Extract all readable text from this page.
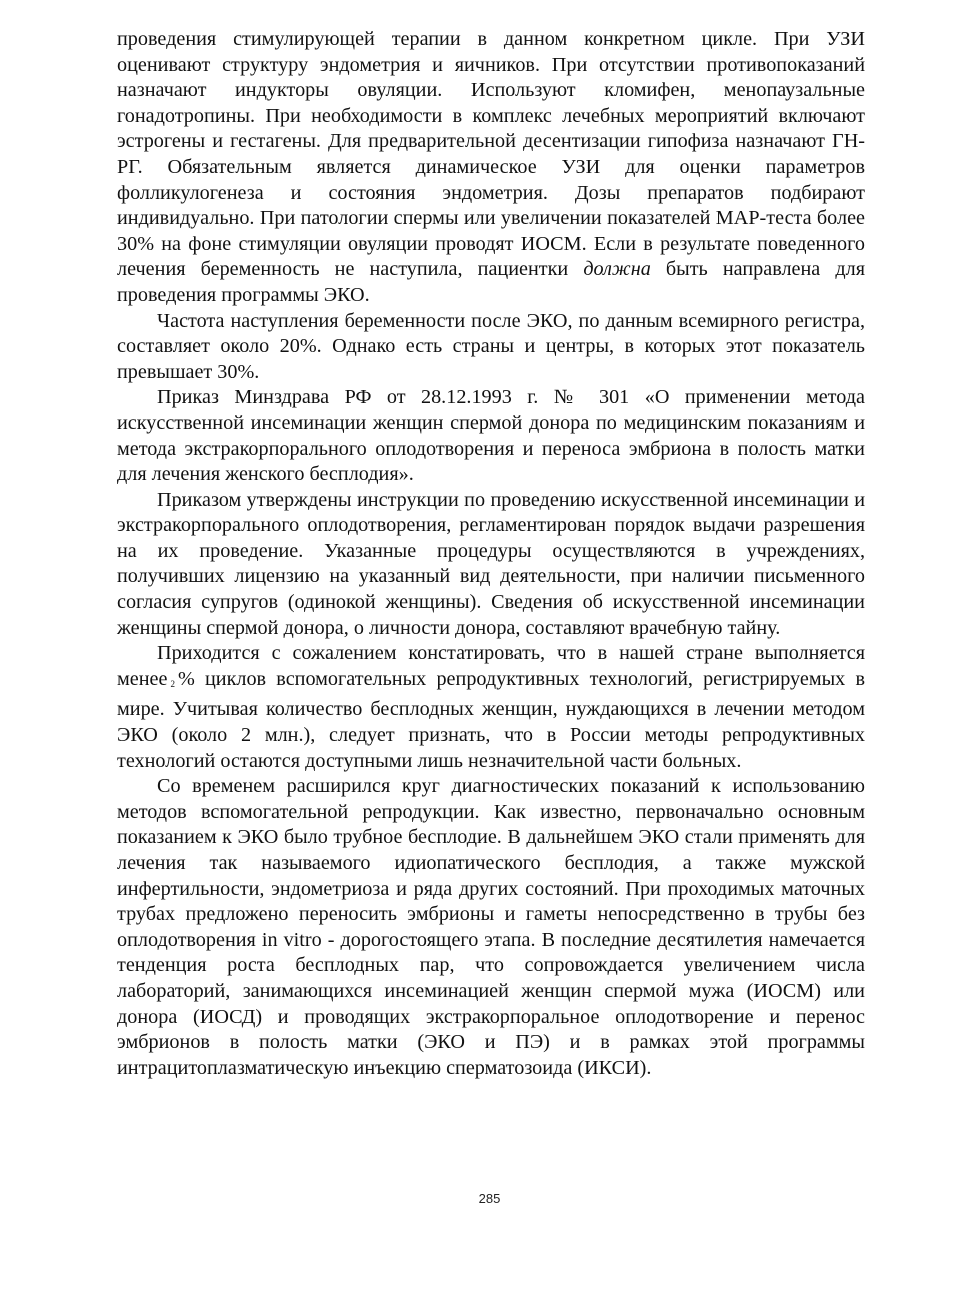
проведения стимулирующей терапии в данном конкретном цикле. При УЗИ оценивают структуру эндометрия и яичников. При отсутствии противопоказаний назначают индукторы овуляции. Используют кломифен, менопаузальные гонадотропины. При необходимости в комплекс лечебных мероприятий включают эстрогены и гестагены. Для предварительной десентизации гипофиза назначают ГН-РГ. Обязательным является динамическое УЗИ для оценки параметров фолликулогенеза и состояния эндометрия. Дозы препаратов подбирают индивидуально. При патологии спермы или увеличении показателей МАР-теста более 30% на фоне стимуляции овуляции проводят ИОСМ. Если в результате поведенного лечения беременность не наступила, пациентки должна быть направлена для проведения программы ЭКО.

Частота наступления беременности после ЭКО, по данным всемирного регистра, составляет около 20%. Однако есть страны и центры, в которых этот показатель превышает 30%.

Приказ Минздрава РФ от 28.12.1993 г. № 301 «О применении метода искусственной инсеминации женщин спермой донора по медицинским показаниям и метода экстракорпорального оплодотворения и переноса эмбриона в полость матки для лечения женского бесплодия».

Приказом утверждены инструкции по проведению искусственной инсеминации и экстракорпорального оплодотворения, регламентирован порядок выдачи разрешения на их проведение. Указанные процедуры осуществляются в учреждениях, получивших лицензию на указанный вид деятельности, при наличии письменного согласия супругов (одинокой женщины). Сведения об искусственной инсеминации женщины спермой донора, о личности донора, составляют врачебную тайну.

Приходится с сожалением констатировать, что в нашей стране выполняется менее $_2$ % циклов вспомогательных репродуктивных технологий, регистрируемых в мире. Учитывая количество бесплодных женщин, нуждающихся в лечении методом ЭКО (около 2 млн.), следует признать, что в России методы репродуктивных технологий остаются доступными лишь незначительной части больных.

Со временем расширился круг диагностических показаний к использованию методов вспомогательной репродукции. Как известно, первоначально основным показанием к ЭКО было трубное бесплодие. В дальнейшем ЭКО стали применять для лечения так называемого идиопатического бесплодия, а также мужской инфертильности, эндометриоза и ряда других состояний. При проходимых маточных трубах предложено переносить эмбрионы и гаметы непосредственно в трубы без оплодотворения in vitro - дорогостоящего этапа. В последние десятилетия намечается тенденция роста бесплодных пар, что сопровождается увеличением числа лабораторий, занимающихся инсеминацией женщин спермой мужа (ИОСМ) или донора (ИОСД) и проводящих экстракорпоральное оплодотворение и перенос эмбрионов в полость матки (ЭКО и ПЭ) и в рамках этой программы интрацитоплазматическую инъекцию сперматозоида (ИКСИ).

285
